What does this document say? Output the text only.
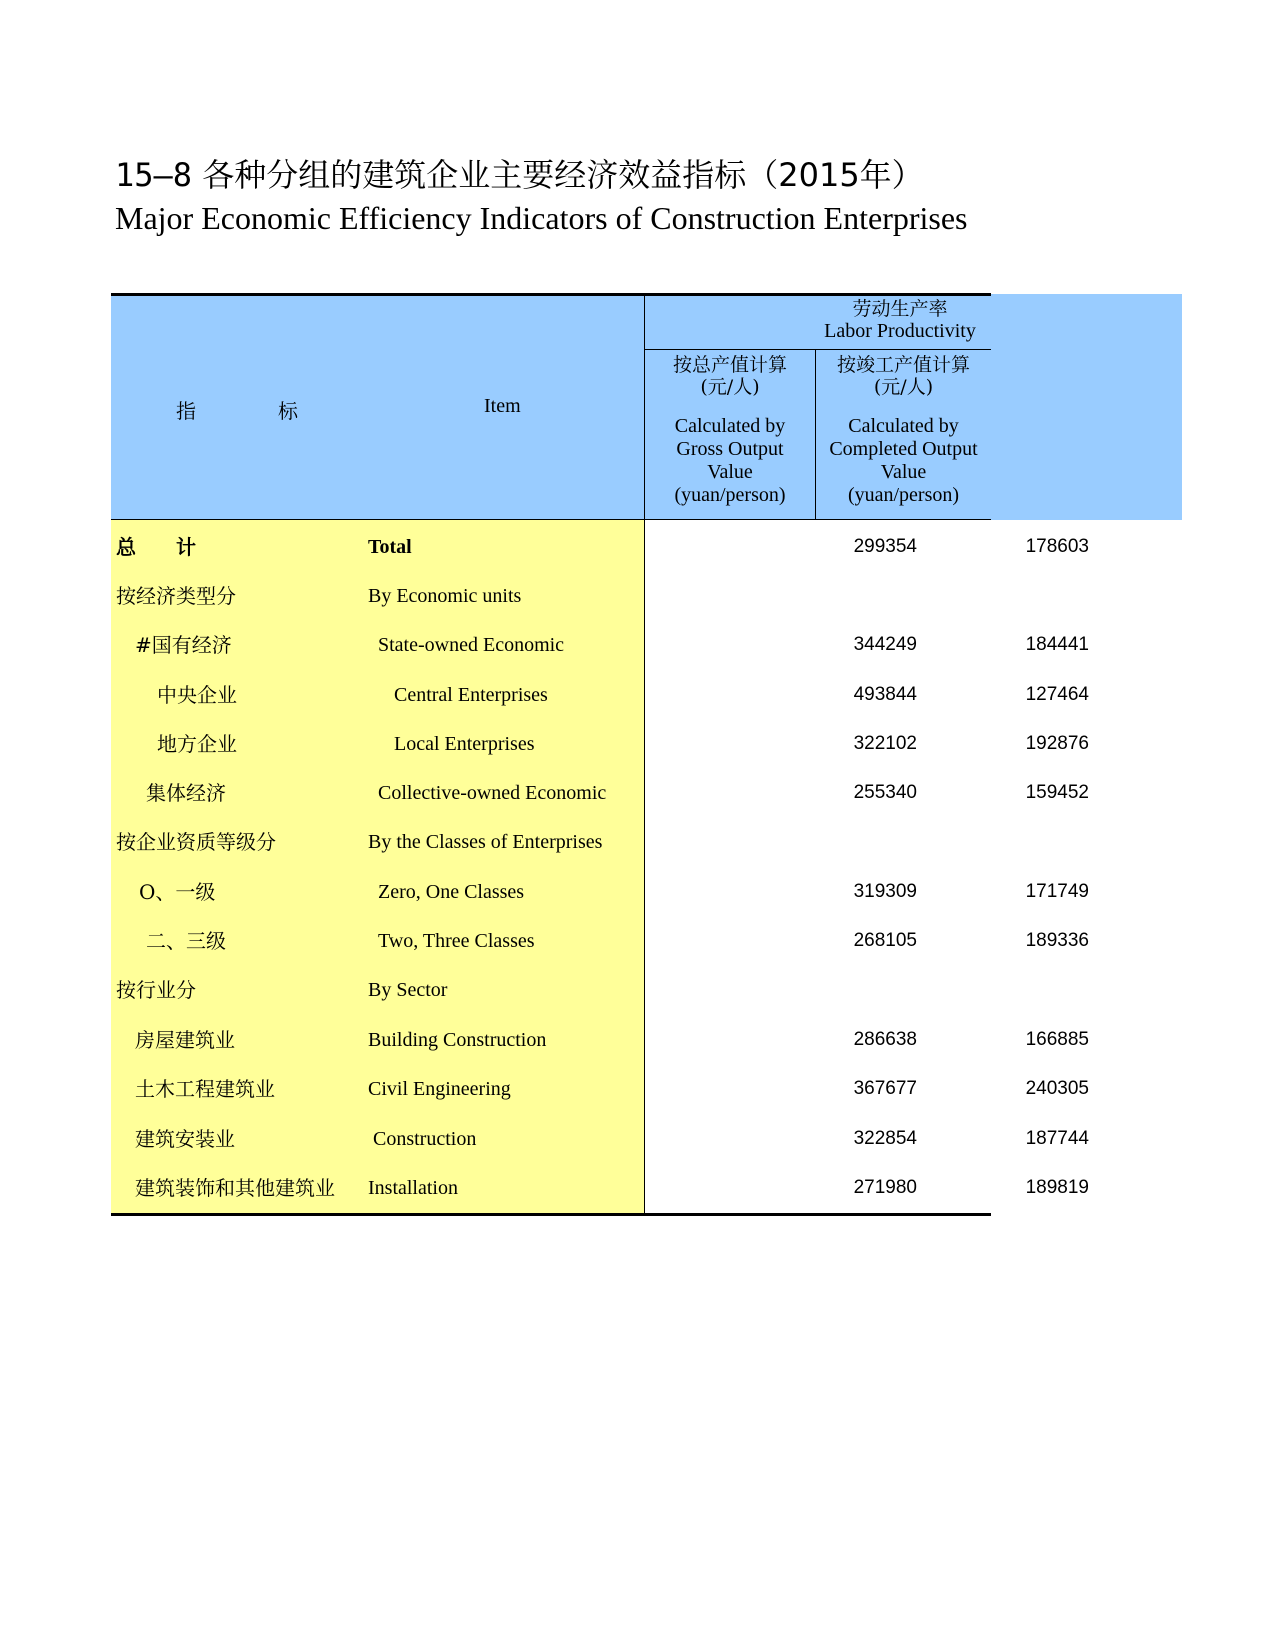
15–8 各种分组的建筑企业主要经济效益指标（2015年）
Major Economic Efficiency Indicators of Construction Enterprises
指	标	Item
劳动生产率
Labor Productivity
按总产值计算
(元/人)
Calculated by
Gross Output
Value
(yuan/person)
按竣工产值计算
(元/人)
Calculated by
Completed Output
Value
(yuan/person)
总　　计	Total	299354	178603
按经济类型分	By Economic units
#国有经济	State-owned Economic	344249	184441
中央企业	Central Enterprises	493844	127464
地方企业	Local Enterprises	322102	192876
集体经济	Collective-owned Economic	255340	159452
按企业资质等级分	By the Classes of Enterprises
О、一级	Zero, One Classes	319309	171749
二、三级	Two, Three Classes	268105	189336
按行业分	By Sector
房屋建筑业	Building Construction	286638	166885
土木工程建筑业	Civil Engineering	367677	240305
建筑安装业	Construction	322854	187744
建筑装饰和其他建筑业 Installation	271980	189819
